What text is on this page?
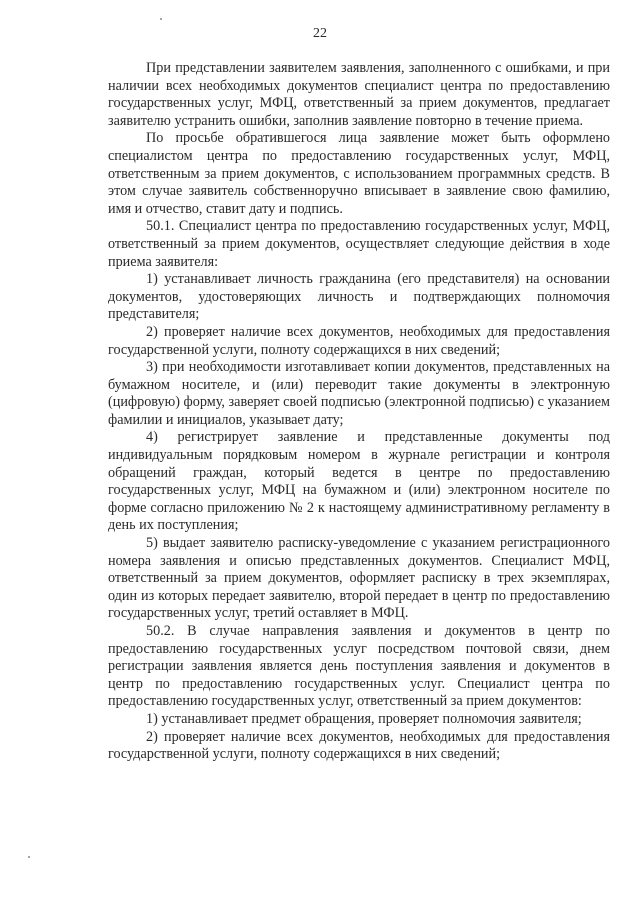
22

При представлении заявителем заявления, заполненного с ошибками, и при наличии всех необходимых документов специалист центра по предоставлению государственных услуг, МФЦ, ответственный за прием документов, предлагает заявителю устранить ошибки, заполнив заявление повторно в течение приема.

По просьбе обратившегося лица заявление может быть оформлено специалистом центра по предоставлению государственных услуг, МФЦ, ответственным за прием документов, с использованием программных средств. В этом случае заявитель собственноручно вписывает в заявление свою фамилию, имя и отчество, ставит дату и подпись.

50.1. Специалист центра по предоставлению государственных услуг, МФЦ, ответственный за прием документов, осуществляет следующие действия в ходе приема заявителя:

1) устанавливает личность гражданина (его представителя) на основании документов, удостоверяющих личность и подтверждающих полномочия представителя;

2) проверяет наличие всех документов, необходимых для предоставления государственной услуги, полноту содержащихся в них сведений;

3) при необходимости изготавливает копии документов, представленных на бумажном носителе, и (или) переводит такие документы в электронную (цифровую) форму, заверяет своей подписью (электронной подписью) с указанием фамилии и инициалов, указывает дату;

4) регистрирует заявление и представленные документы под индивидуальным порядковым номером в журнале регистрации и контроля обращений граждан, который ведется в центре по предоставлению государственных услуг, МФЦ на бумажном и (или) электронном носителе по форме согласно приложению № 2 к настоящему административному регламенту в день их поступления;

5) выдает заявителю расписку-уведомление с указанием регистрационного номера заявления и описью представленных документов. Специалист МФЦ, ответственный за прием документов, оформляет расписку в трех экземплярах, один из которых передает заявителю, второй передает в центр по предоставлению государственных услуг, третий оставляет в МФЦ.

50.2. В случае направления заявления и документов в центр по предоставлению государственных услуг посредством почтовой связи, днем регистрации заявления является день поступления заявления и документов в центр по предоставлению государственных услуг. Специалист центра по предоставлению государственных услуг, ответственный за прием документов:

1) устанавливает предмет обращения, проверяет полномочия заявителя;

2) проверяет наличие всех документов, необходимых для предоставления государственной услуги, полноту содержащихся в них сведений;
